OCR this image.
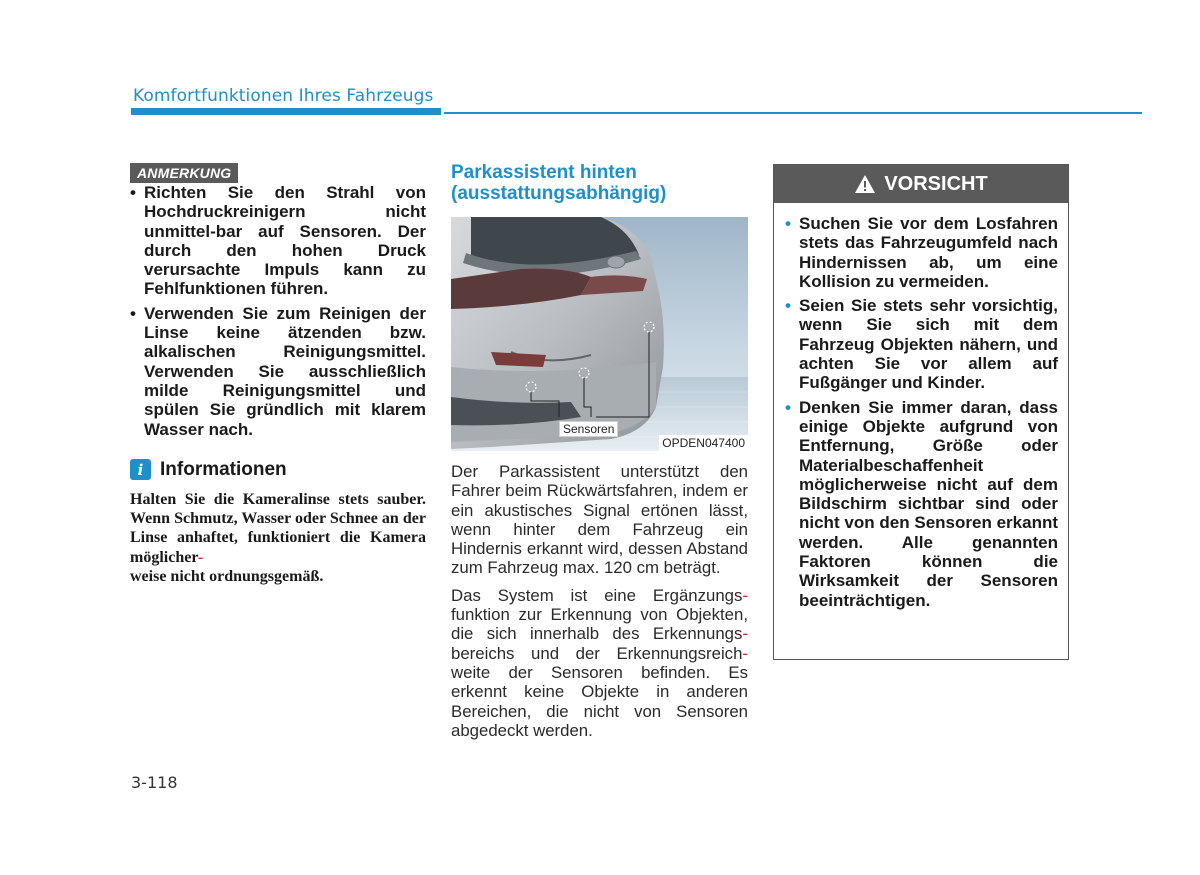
Komfortfunktionen Ihres Fahrzeugs
ANMERKUNG
• Richten Sie den Strahl von Hochdruckreinigern nicht unmittel-bar auf Sensoren. Der durch den hohen Druck verursachte Impuls kann zu Fehlfunktionen führen.
• Verwenden Sie zum Reinigen der Linse keine ätzenden bzw. alkalischen Reinigungsmittel. Verwenden Sie ausschließlich milde Reinigungsmittel und spülen Sie gründlich mit klarem Wasser nach.
i Informationen
Halten Sie die Kameralinse stets sauber. Wenn Schmutz, Wasser oder Schnee an der Linse anhaftet, funktioniert die Kamera möglicher-
weise nicht ordnungsgemäß.
Parkassistent hinten
(ausstattungsabhängig)
Sensoren
OPDEN047400

Der Parkassistent unterstützt den Fahrer beim Rückwärtsfahren, indem er ein akustisches Signal ertönen lässt, wenn hinter dem Fahrzeug ein Hindernis erkannt wird, dessen Abstand zum Fahrzeug max. 120 cm beträgt.

Das System ist eine Ergänzungs- funktion zur Erkennung von Objekten, die sich innerhalb des Erkennungs- bereichs und der Erkennungsreich- weite der Sensoren befinden. Es erkennt keine Objekte in anderen Bereichen, die nicht von Sensoren abgedeckt werden.

VORSICHT
• Suchen Sie vor dem Losfahren stets das Fahrzeugumfeld nach Hindernissen ab, um eine Kollision zu vermeiden.
• Seien Sie stets sehr vorsichtig, wenn Sie sich mit dem Fahrzeug Objekten nähern, und achten Sie vor allem auf Fußgänger und Kinder.
• Denken Sie immer daran, dass einige Objekte aufgrund von Entfernung, Größe oder Materialbeschaffenheit möglicherweise nicht auf dem Bildschirm sichtbar sind oder nicht von den Sensoren erkannt werden. Alle genannten Faktoren können die Wirksamkeit der Sensoren beeinträchtigen.
3-118
